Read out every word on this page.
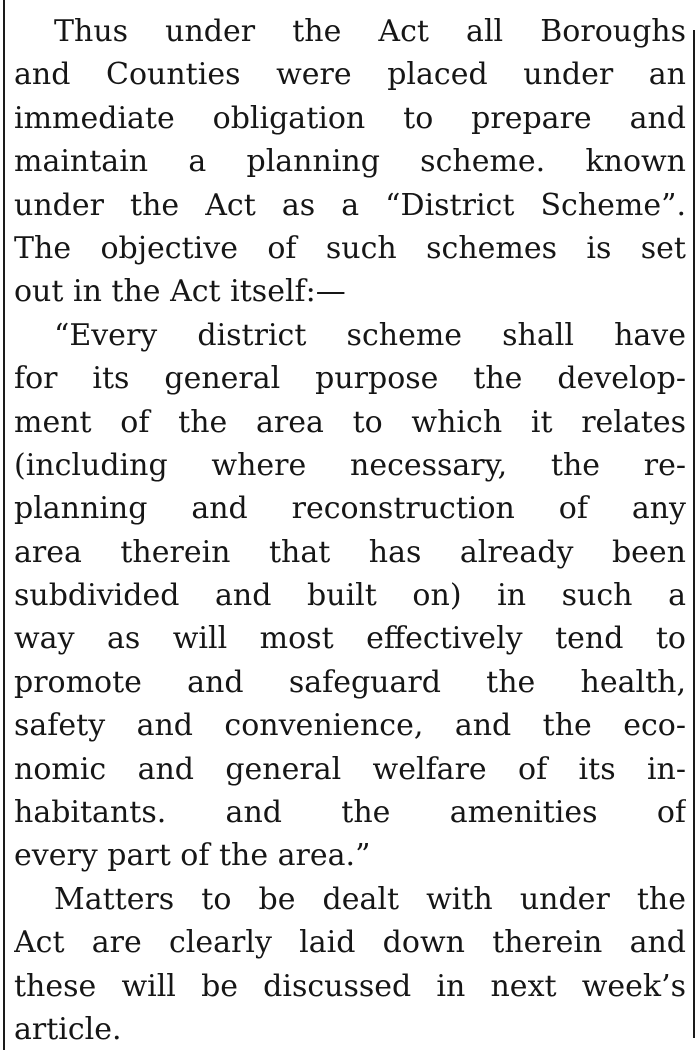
Thus under the Act all Boroughs
and Counties were placed under an
immediate obligation to prepare and
maintain a planning scheme. known
under the Act as a “District Scheme”.
The objective of such schemes is set
out in the Act itself:—
“Every district scheme shall have
for its general purpose the develop-
ment of the area to which it relates
(including where necessary, the re-
planning and reconstruction of any
area therein that has already been
subdivided and built on) in such a
way as will most effectively tend to
promote and safeguard the health,
safety and convenience, and the eco-
nomic and general welfare of its in-
habitants. and the amenities of
every part of the area.”
Matters to be dealt with under the
Act are clearly laid down therein and
these will be discussed in next week’s
article.
